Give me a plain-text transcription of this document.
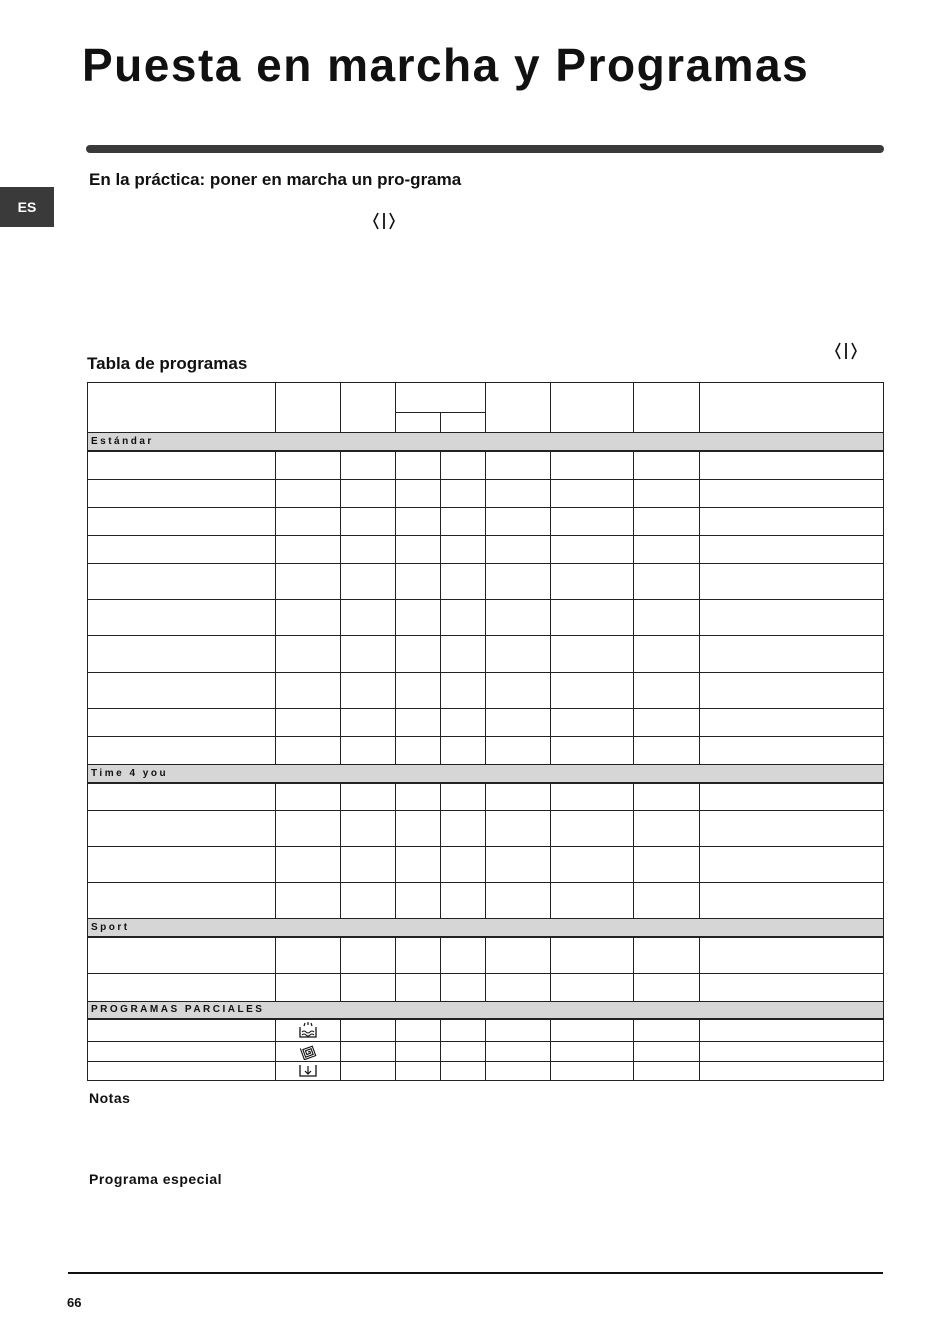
Puesta en marcha y Programas
ES
En la práctica: poner en marcha un pro-grama
Tabla de programas

Estándar								

Time 4 you								

Sport								

PROGRAMAS PARCIALES								

Notas
Programa especial
66
